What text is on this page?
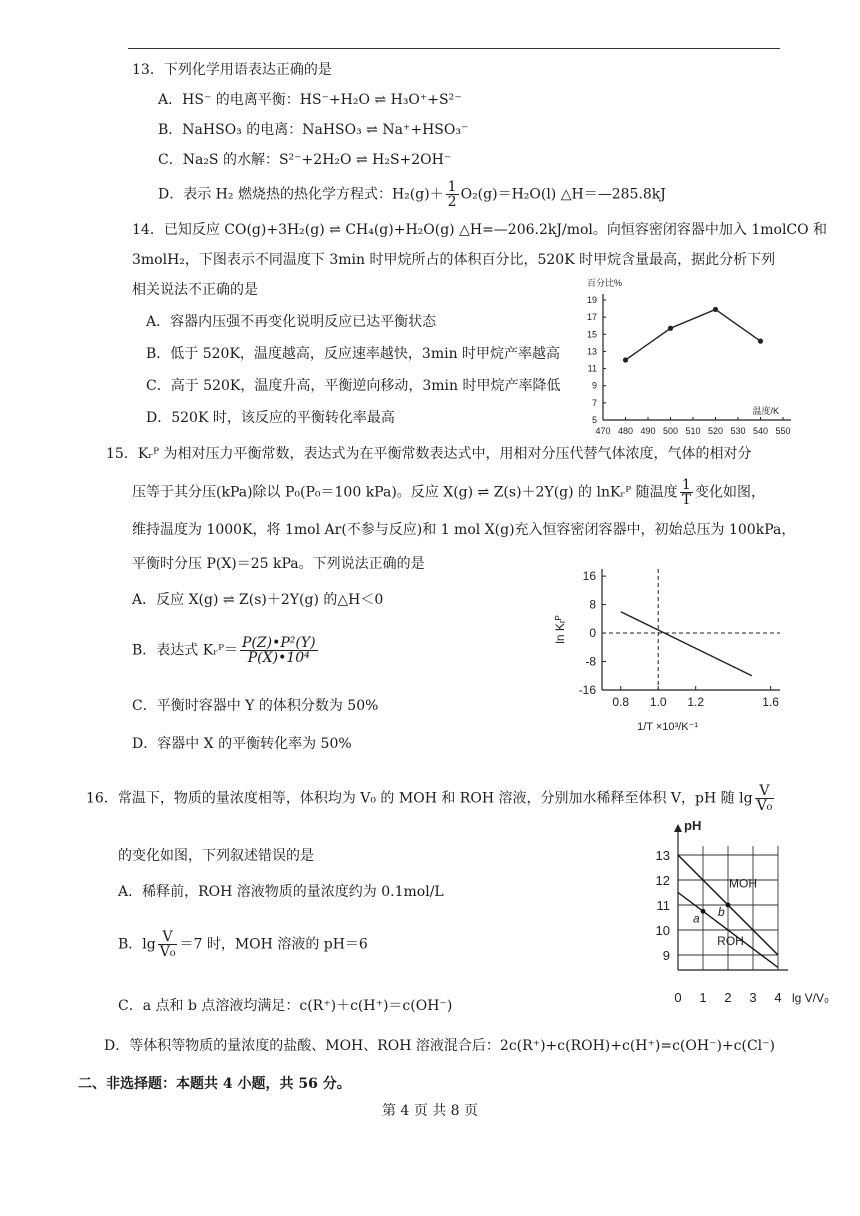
13．下列化学用语表达正确的是
A．HS⁻ 的电离平衡：HS⁻+H₂O ⇌ H₃O⁺+S²⁻
B．NaHSO₃ 的电离：NaHSO₃ ⇌ Na⁺+HSO₃⁻
C．Na₂S 的水解：S²⁻+2H₂O ⇌ H₂S+2OH⁻
D．表示 H₂ 燃烧热的热化学方程式：$H_2(g)+ \frac{1}{2} O_2(g)=H_2O(l)$ △H＝—285.8kJ
14．已知反应 CO(g)+3H₂(g) ⇌ CH₄(g)+H₂O(g) △H=—206.2kJ/mol。向恒容密闭容器中加入 1molCO 和
3molH₂，下图表示不同温度下 3min 时甲烷所占的体积百分比，520K 时甲烷含量最高，据此分析下列
相关说法不正确的是
A．容器内压强不再变化说明反应已达平衡状态
B．低于 520K，温度越高，反应速率越快，3min 时甲烷产率越高
C．高于 520K，温度升高，平衡逆向移动，3min 时甲烷产率降低
D．520K 时，该反应的平衡转化率最高	5
7
9
11
13
15
17
19
470 480 490 500 510 520 530 540 550
百分比%
温度/K
15．Kᵣᴾ 为相对压力平衡常数，表达式为在平衡常数表达式中，用相对分压代替气体浓度，气体的相对分
压等于其分压(kPa)除以 P₀(P₀＝100 kPa)。反应 X(g) ⇌ Z(s)＋2Y(g) 的 lnKᵣᴾ 随温度 $\frac{1}{T}$ 变化如图，
维持温度为 1000K，将 1mol Ar(不参与反应)和 1 mol X(g)充入恒容密闭容器中，初始总压为 100kPa，
平衡时分压 P(X)＝25 kPa。下列说法正确的是
A．反应 X(g) ⇌ Z(s)＋2Y(g) 的△H＜0
B．表达式 Kᵣᴾ＝ $\frac{\text{P(Z)•P²(Y)}}{\text{P(X)•10⁴}}$
C．平衡时容器中 Y 的体积分数为 50%
D．容器中 X 的平衡转化率为 50%
16
8
0
-8
-16
0.8 1.0 1.2	1.6
ln Kᵣᴾ
1/T ×10³/K⁻¹
16．常温下，物质的量浓度相等，体积均为 V₀ 的 MOH 和 ROH 溶液，分别加水稀释至体积 V，pH 随 $\lg \frac{V}{\text{V₀}}$
的变化如图，下列叙述错误的是
A．稀释前，ROH 溶液物质的量浓度约为 0.1mol/L
B．$\lg \frac{V}{\text{V₀}} =7$ 时，MOH 溶液的 pH＝6
C．a 点和 b 点溶液均满足：c(R⁺)＋c(H⁺)＝c(OH⁻)
D．等体积等物质的量浓度的盐酸、MOH、ROH 溶液混合后：2c(R⁺)+c(ROH)+c(H⁺)=c(OH⁻)+c(Cl⁻)
0 1 2 3 4
9
10
11
12
13
pH
lg V/V₀
MOH
ROH
a b
二、非选择题：本题共 4 小题，共 56 分。
第 4 页 共 8 页
